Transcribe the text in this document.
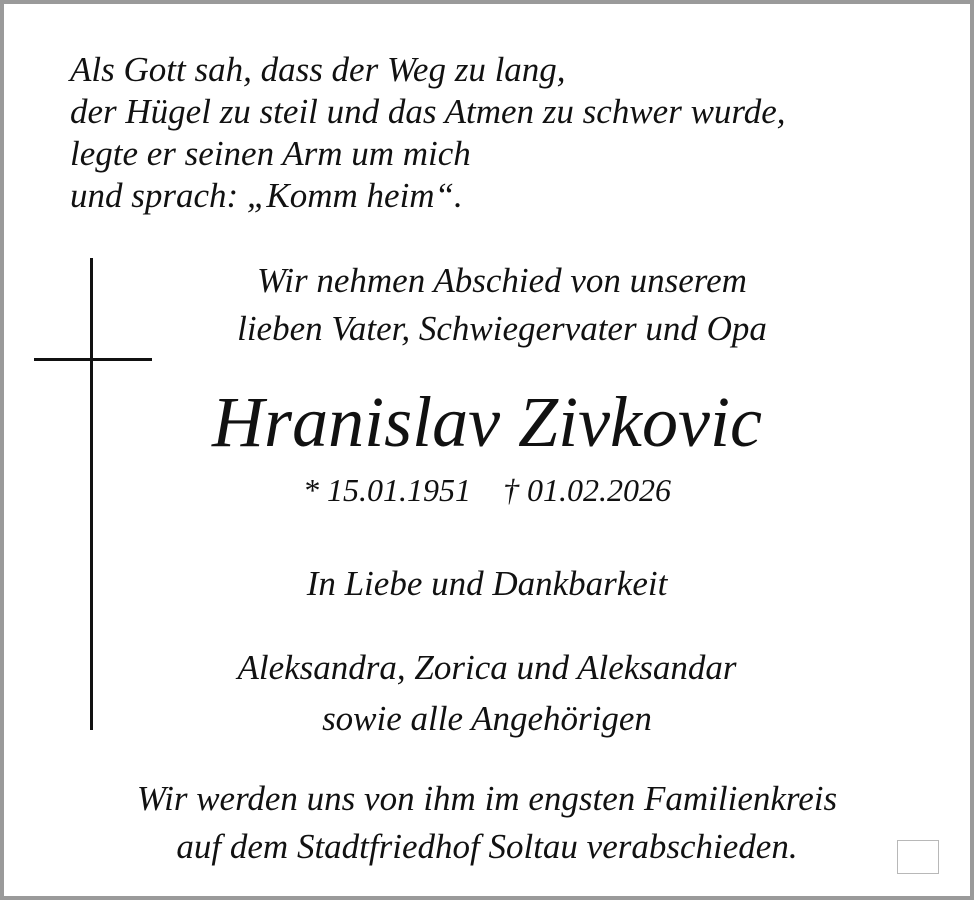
Als Gott sah, dass der Weg zu lang,
der Hügel zu steil und das Atmen zu schwer wurde,
legte er seinen Arm um mich
und sprach: „Komm heim“.
Wir nehmen Abschied von unserem
lieben Vater, Schwiegervater und Opa
Hranislav Zivkovic
* 15.01.1951    † 01.02.2026
In Liebe und Dankbarkeit
Aleksandra, Zorica und Aleksandar
sowie alle Angehörigen
Wir werden uns von ihm im engsten Familienkreis
auf dem Stadtfriedhof Soltau verabschieden.
